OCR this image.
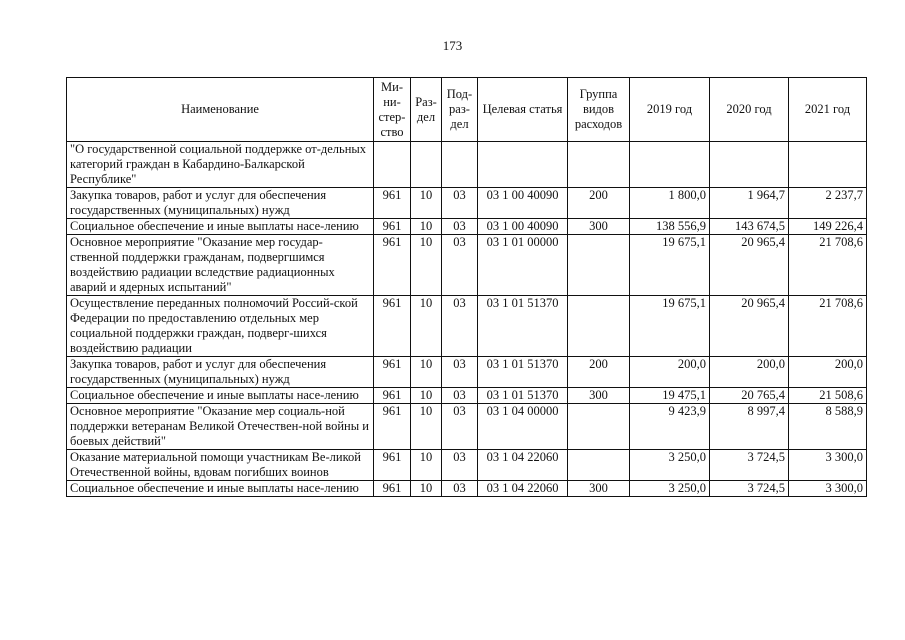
173
Наименование	Ми-ни-стер-ство	Раз-дел	Под-раз-дел	Целевая статья	Группа видов расходов	2019 год	2020 год	2021 год
"О государственной социальной поддержке от-дельных категорий граждан в Кабардино-Балкарской Республике"								
Закупка товаров, работ и услуг для обеспечения государственных (муниципальных) нужд	961	10	03	03 1 00 40090	200	1 800,0	1 964,7	2 237,7
Социальное обеспечение и иные выплаты насе-лению	961	10	03	03 1 00 40090	300	138 556,9	143 674,5	149 226,4
Основное мероприятие "Оказание мер государ-ственной поддержки гражданам, подвергшимся воздействию радиации вследствие радиационных аварий и ядерных испытаний"	961	10	03	03 1 01 00000		19 675,1	20 965,4	21 708,6
Осуществление переданных полномочий Россий-ской Федерации по предоставлению отдельных мер социальной поддержки граждан, подверг-шихся воздействию радиации	961	10	03	03 1 01 51370		19 675,1	20 965,4	21 708,6
Закупка товаров, работ и услуг для обеспечения государственных (муниципальных) нужд	961	10	03	03 1 01 51370	200	200,0	200,0	200,0
Социальное обеспечение и иные выплаты насе-лению	961	10	03	03 1 01 51370	300	19 475,1	20 765,4	21 508,6
Основное мероприятие "Оказание мер социаль-ной поддержки ветеранам Великой Отечествен-ной войны и боевых действий"	961	10	03	03 1 04 00000		9 423,9	8 997,4	8 588,9
Оказание материальной помощи участникам Ве-ликой Отечественной войны, вдовам погибших воинов	961	10	03	03 1 04 22060		3 250,0	3 724,5	3 300,0
Социальное обеспечение и иные выплаты насе-лению	961	10	03	03 1 04 22060	300	3 250,0	3 724,5	3 300,0
